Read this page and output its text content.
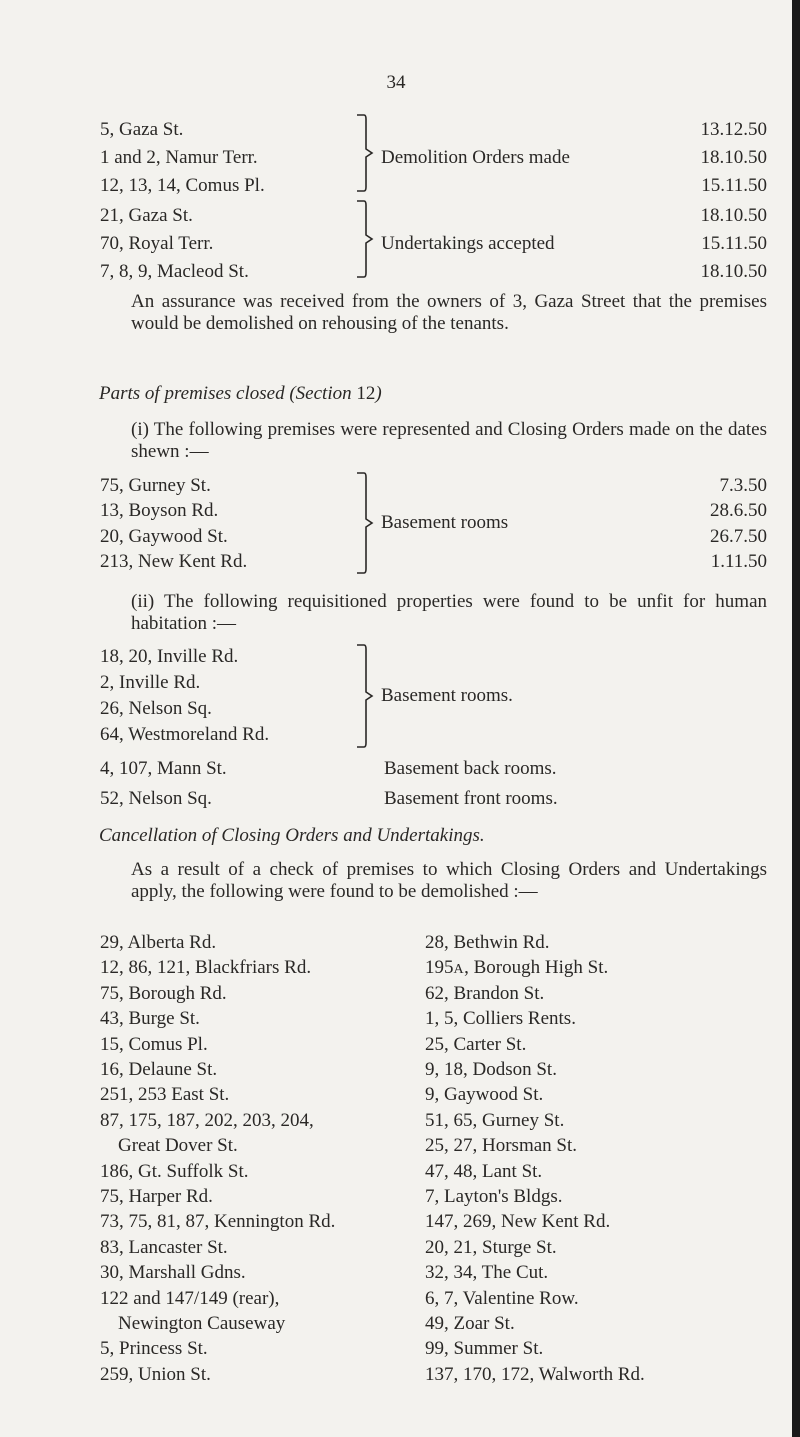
34
5, Gaza St.
1 and 2, Namur Terr.
12, 13, 14, Comus Pl.
Demolition Orders made
13.12.50
18.10.50
15.11.50
21, Gaza St.
70, Royal Terr.
7, 8, 9, Macleod St.
Undertakings accepted
18.10.50
15.11.50
18.10.50
An assurance was received from the owners of 3, Gaza Street that the premises would be demolished on rehousing of the tenants.
Parts of premises closed (Section 12)
(i) The following premises were represented and Closing Orders made on the dates shewn :—
75, Gurney St.
13, Boyson Rd.
20, Gaywood St.
213, New Kent Rd.
Basement rooms
7.3.50
28.6.50
26.7.50
1.11.50
(ii) The following requisitioned properties were found to be unfit for human habitation :—
18, 20, Inville Rd.
2, Inville Rd.
26, Nelson Sq.
64, Westmoreland Rd.
Basement rooms.
4, 107, Mann St.	Basement back rooms.
52, Nelson Sq.	Basement front rooms.
Cancellation of Closing Orders and Undertakings.
As a result of a check of premises to which Closing Orders and Undertakings apply, the following were found to be demolished :—
29, Alberta Rd.
12, 86, 121, Blackfriars Rd.
75, Borough Rd.
43, Burge St.
15, Comus Pl.
16, Delaune St.
251, 253 East St.
87, 175, 187, 202, 203, 204,
Great Dover St.
186, Gt. Suffolk St.
75, Harper Rd.
73, 75, 81, 87, Kennington Rd.
83, Lancaster St.
30, Marshall Gdns.
122 and 147/149 (rear),
Newington Causeway
5, Princess St.
259, Union St.
28, Bethwin Rd.
195A, Borough High St.
62, Brandon St.
1, 5, Colliers Rents.
25, Carter St.
9, 18, Dodson St.
9, Gaywood St.
51, 65, Gurney St.
25, 27, Horsman St.
47, 48, Lant St.
7, Layton's Bldgs.
147, 269, New Kent Rd.
20, 21, Sturge St.
32, 34, The Cut.
6, 7, Valentine Row.
49, Zoar St.
99, Summer St.
137, 170, 172, Walworth Rd.
